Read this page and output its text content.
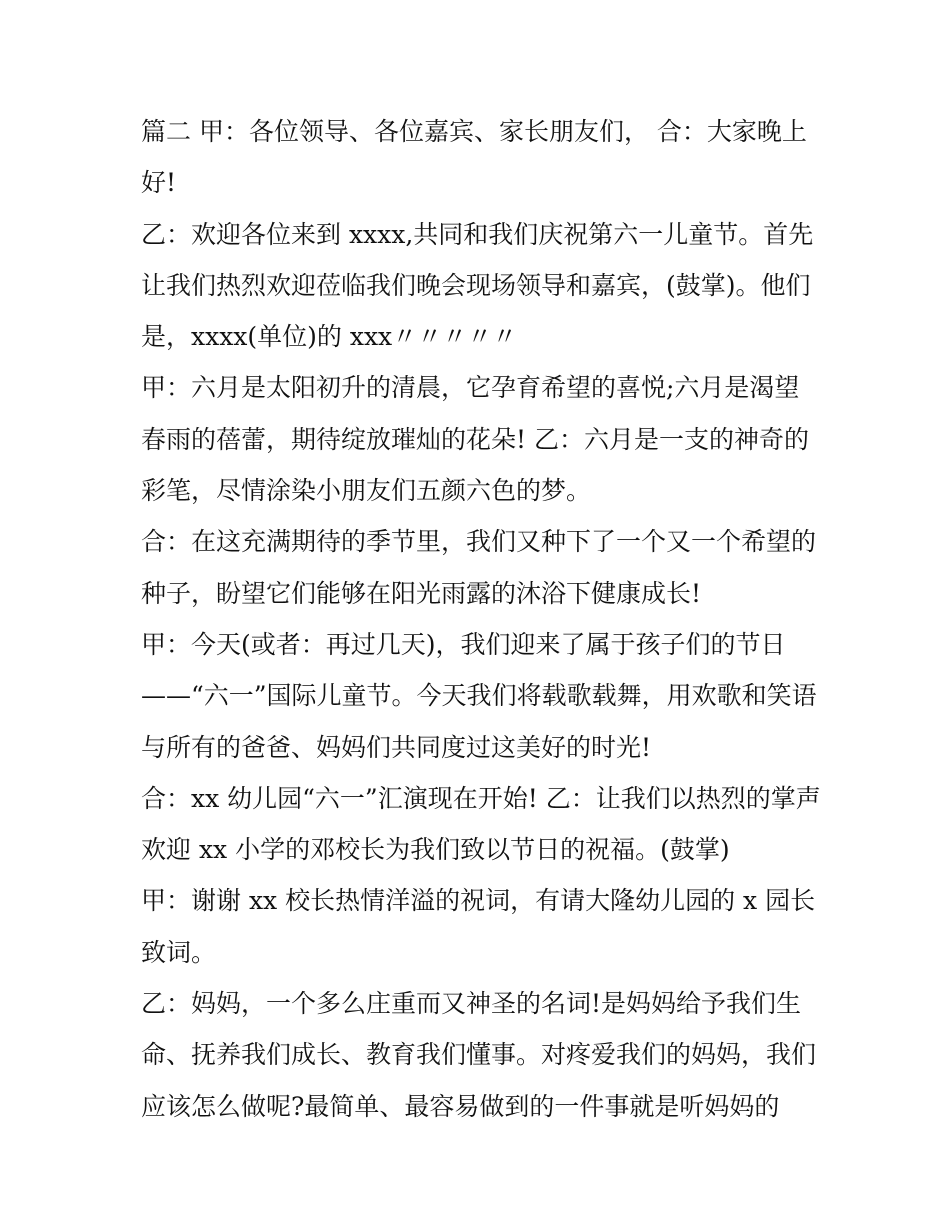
篇二 甲：各位领导、各位嘉宾、家长朋友们， 合：大家晚上
好!
乙：欢迎各位来到 xxxx,共同和我们庆祝第六一儿童节。首先
让我们热烈欢迎莅临我们晚会现场领导和嘉宾，(鼓掌)。他们
是，xxxx(单位)的 xxx〃〃〃〃〃
甲：六月是太阳初升的清晨，它孕育希望的喜悦;六月是渴望
春雨的蓓蕾，期待绽放璀灿的花朵! 乙：六月是一支的神奇的
彩笔，尽情涂染小朋友们五颜六色的梦。
合：在这充满期待的季节里，我们又种下了一个又一个希望的
种子，盼望它们能够在阳光雨露的沐浴下健康成长!
甲：今天(或者：再过几天)，我们迎来了属于孩子们的节日
——“六一”国际儿童节。今天我们将载歌载舞，用欢歌和笑语
与所有的爸爸、妈妈们共同度过这美好的时光!
合：xx 幼儿园“六一”汇演现在开始! 乙：让我们以热烈的掌声
欢迎 xx 小学的邓校长为我们致以节日的祝福。(鼓掌)
甲：谢谢 xx 校长热情洋溢的祝词，有请大隆幼儿园的 x 园长
致词。
乙：妈妈，一个多么庄重而又神圣的名词!是妈妈给予我们生
命、抚养我们成长、教育我们懂事。对疼爱我们的妈妈，我们
应该怎么做呢?最简单、最容易做到的一件事就是听妈妈的
